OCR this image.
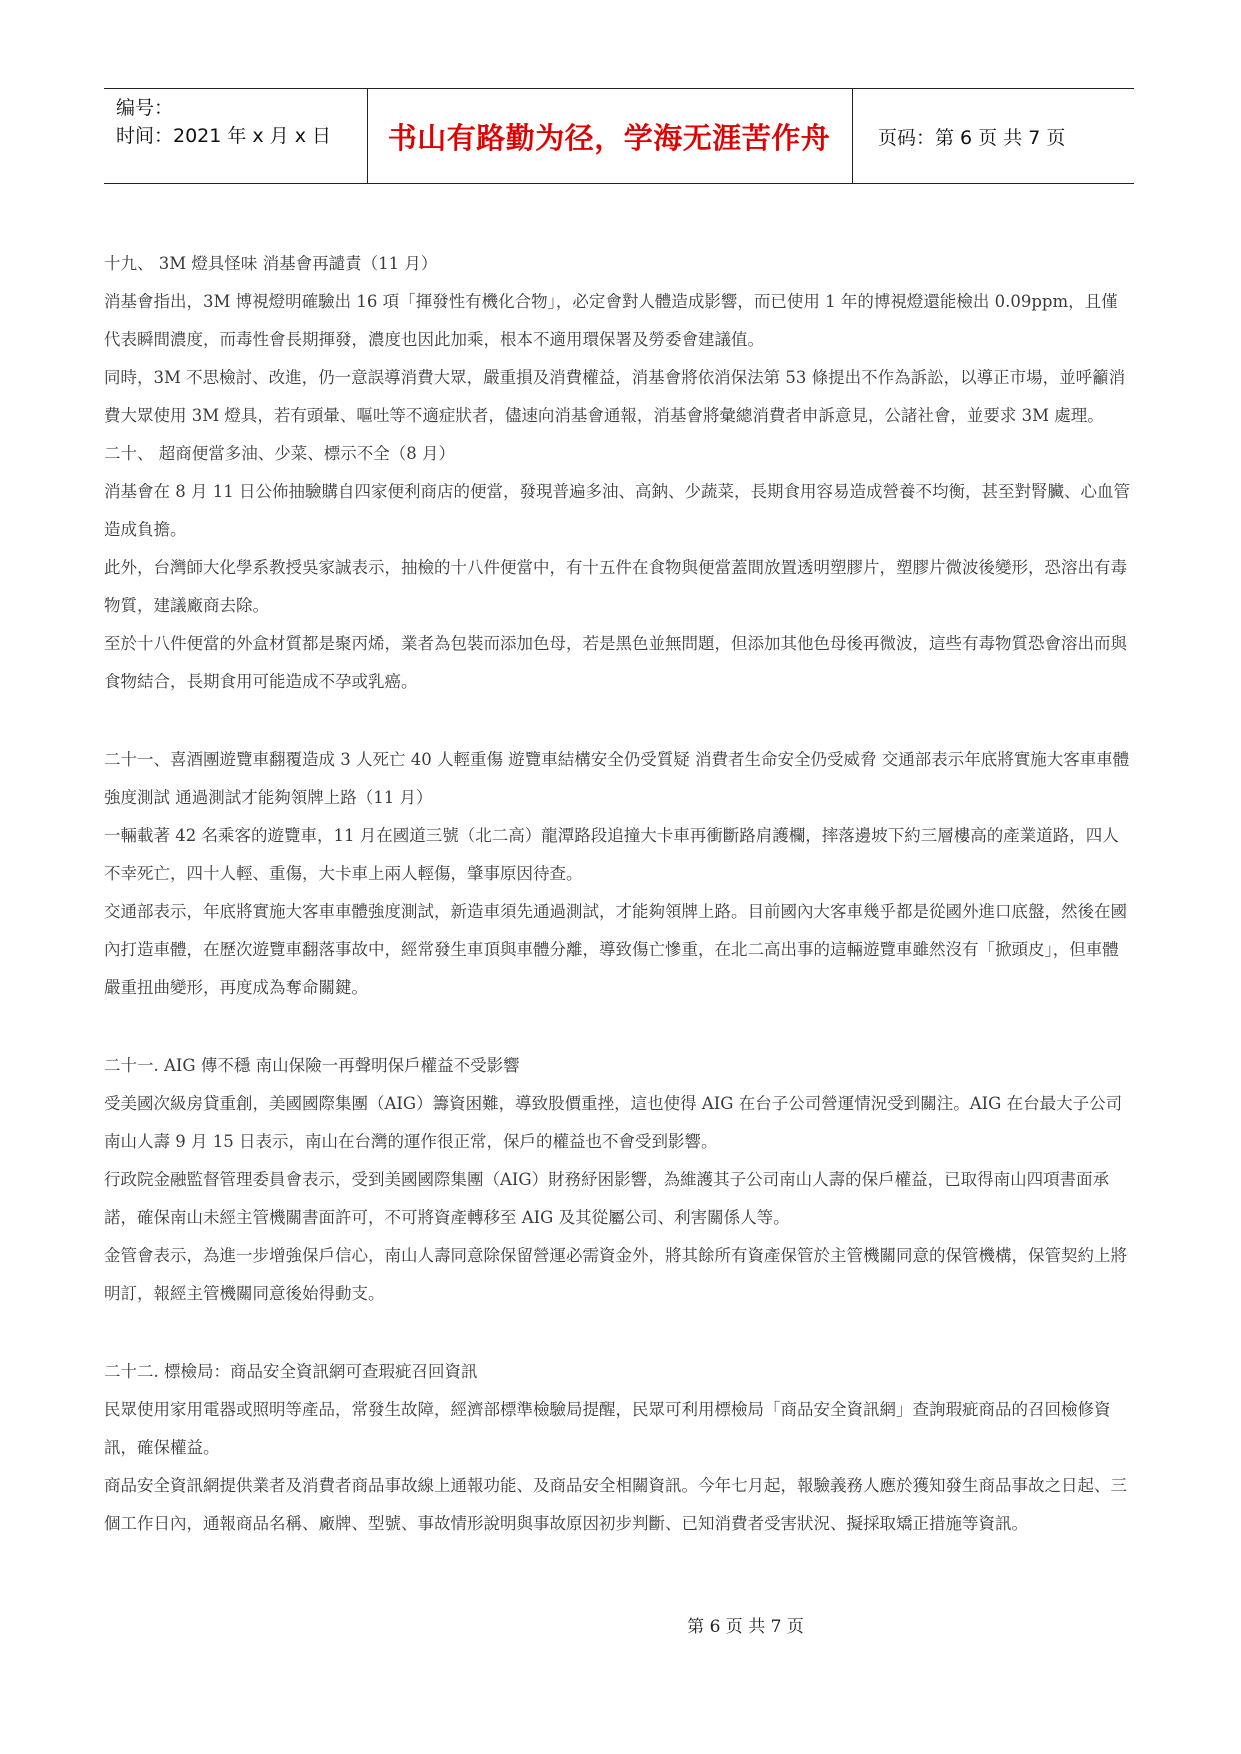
编号：
时间：2021 年 x 月 x 日 书山有路勤为径，学海无涯苦作舟	页码：第 6 页 共 7 页

十九、 3M 燈具怪味 消基會再譴責（11 月）

消基會指出，3M 博視燈明確驗出 16 項「揮發性有機化合物」，必定會對人體造成影響，而已使用 1 年的博視燈還能檢出 0.09ppm，且僅代表瞬間濃度，而毒性會長期揮發，濃度也因此加乘，根本不適用環保署及勞委會建議值。

同時，3M 不思檢討、改進，仍一意誤導消費大眾，嚴重損及消費權益，消基會將依消保法第 53 條提出不作為訴訟，以導正市場，並呼籲消費大眾使用 3M 燈具，若有頭暈、嘔吐等不適症狀者，儘速向消基會通報，消基會將彙總消費者申訴意見，公諸社會，並要求 3M 處理。

二十、 超商便當多油、少菜、標示不全（8 月）

消基會在 8 月 11 日公佈抽驗購自四家便利商店的便當，發現普遍多油、高鈉、少蔬菜，長期食用容易造成營養不均衡，甚至對腎臟、心血管造成負擔。

此外，台灣師大化學系教授吳家誠表示，抽檢的十八件便當中，有十五件在食物與便當蓋間放置透明塑膠片，塑膠片微波後變形，恐溶出有毒物質，建議廠商去除。

至於十八件便當的外盒材質都是聚丙烯，業者為包裝而添加色母，若是黑色並無問題，但添加其他色母後再微波，這些有毒物質恐會溶出而與食物結合，長期食用可能造成不孕或乳癌。

二十一、喜酒團遊覽車翻覆造成 3 人死亡 40 人輕重傷 遊覽車結構安全仍受質疑 消費者生命安全仍受威脅 交通部表示年底將實施大客車車體強度測試 通過測試才能夠領牌上路（11 月）

一輛載著 42 名乘客的遊覽車，11 月在國道三號（北二高）龍潭路段追撞大卡車再衝斷路肩護欄，摔落邊坡下約三層樓高的產業道路，四人不幸死亡，四十人輕、重傷，大卡車上兩人輕傷，肇事原因待查。

交通部表示，年底將實施大客車車體強度測試，新造車須先通過測試，才能夠領牌上路。目前國內大客車幾乎都是從國外進口底盤，然後在國內打造車體，在歷次遊覽車翻落事故中，經常發生車頂與車體分離，導致傷亡慘重，在北二高出事的這輛遊覽車雖然沒有「掀頭皮」，但車體嚴重扭曲變形，再度成為奪命關鍵。

二十一. AIG 傳不穩 南山保險一再聲明保戶權益不受影響

受美國次級房貸重創，美國國際集團（AIG）籌資困難，導致股價重挫，這也使得 AIG 在台子公司營運情況受到關注。AIG 在台最大子公司南山人壽 9 月 15 日表示，南山在台灣的運作很正常，保戶的權益也不會受到影響。

行政院金融監督管理委員會表示，受到美國國際集團（AIG）財務紓困影響，為維護其子公司南山人壽的保戶權益，已取得南山四項書面承諾，確保南山未經主管機關書面許可，不可將資產轉移至 AIG 及其從屬公司、利害關係人等。

金管會表示，為進一步增強保戶信心，南山人壽同意除保留營運必需資金外，將其餘所有資產保管於主管機關同意的保管機構，保管契約上將明訂，報經主管機關同意後始得動支。

二十二. 標檢局：商品安全資訊網可查瑕疵召回資訊

民眾使用家用電器或照明等產品，常發生故障，經濟部標準檢驗局提醒，民眾可利用標檢局「商品安全資訊網」查詢瑕疵商品的召回檢修資訊，確保權益。

商品安全資訊網提供業者及消費者商品事故線上通報功能、及商品安全相關資訊。今年七月起，報驗義務人應於獲知發生商品事故之日起、三個工作日內，通報商品名稱、廠牌、型號、事故情形說明與事故原因初步判斷、已知消費者受害狀況、擬採取矯正措施等資訊。

第 6 页 共 7 页
